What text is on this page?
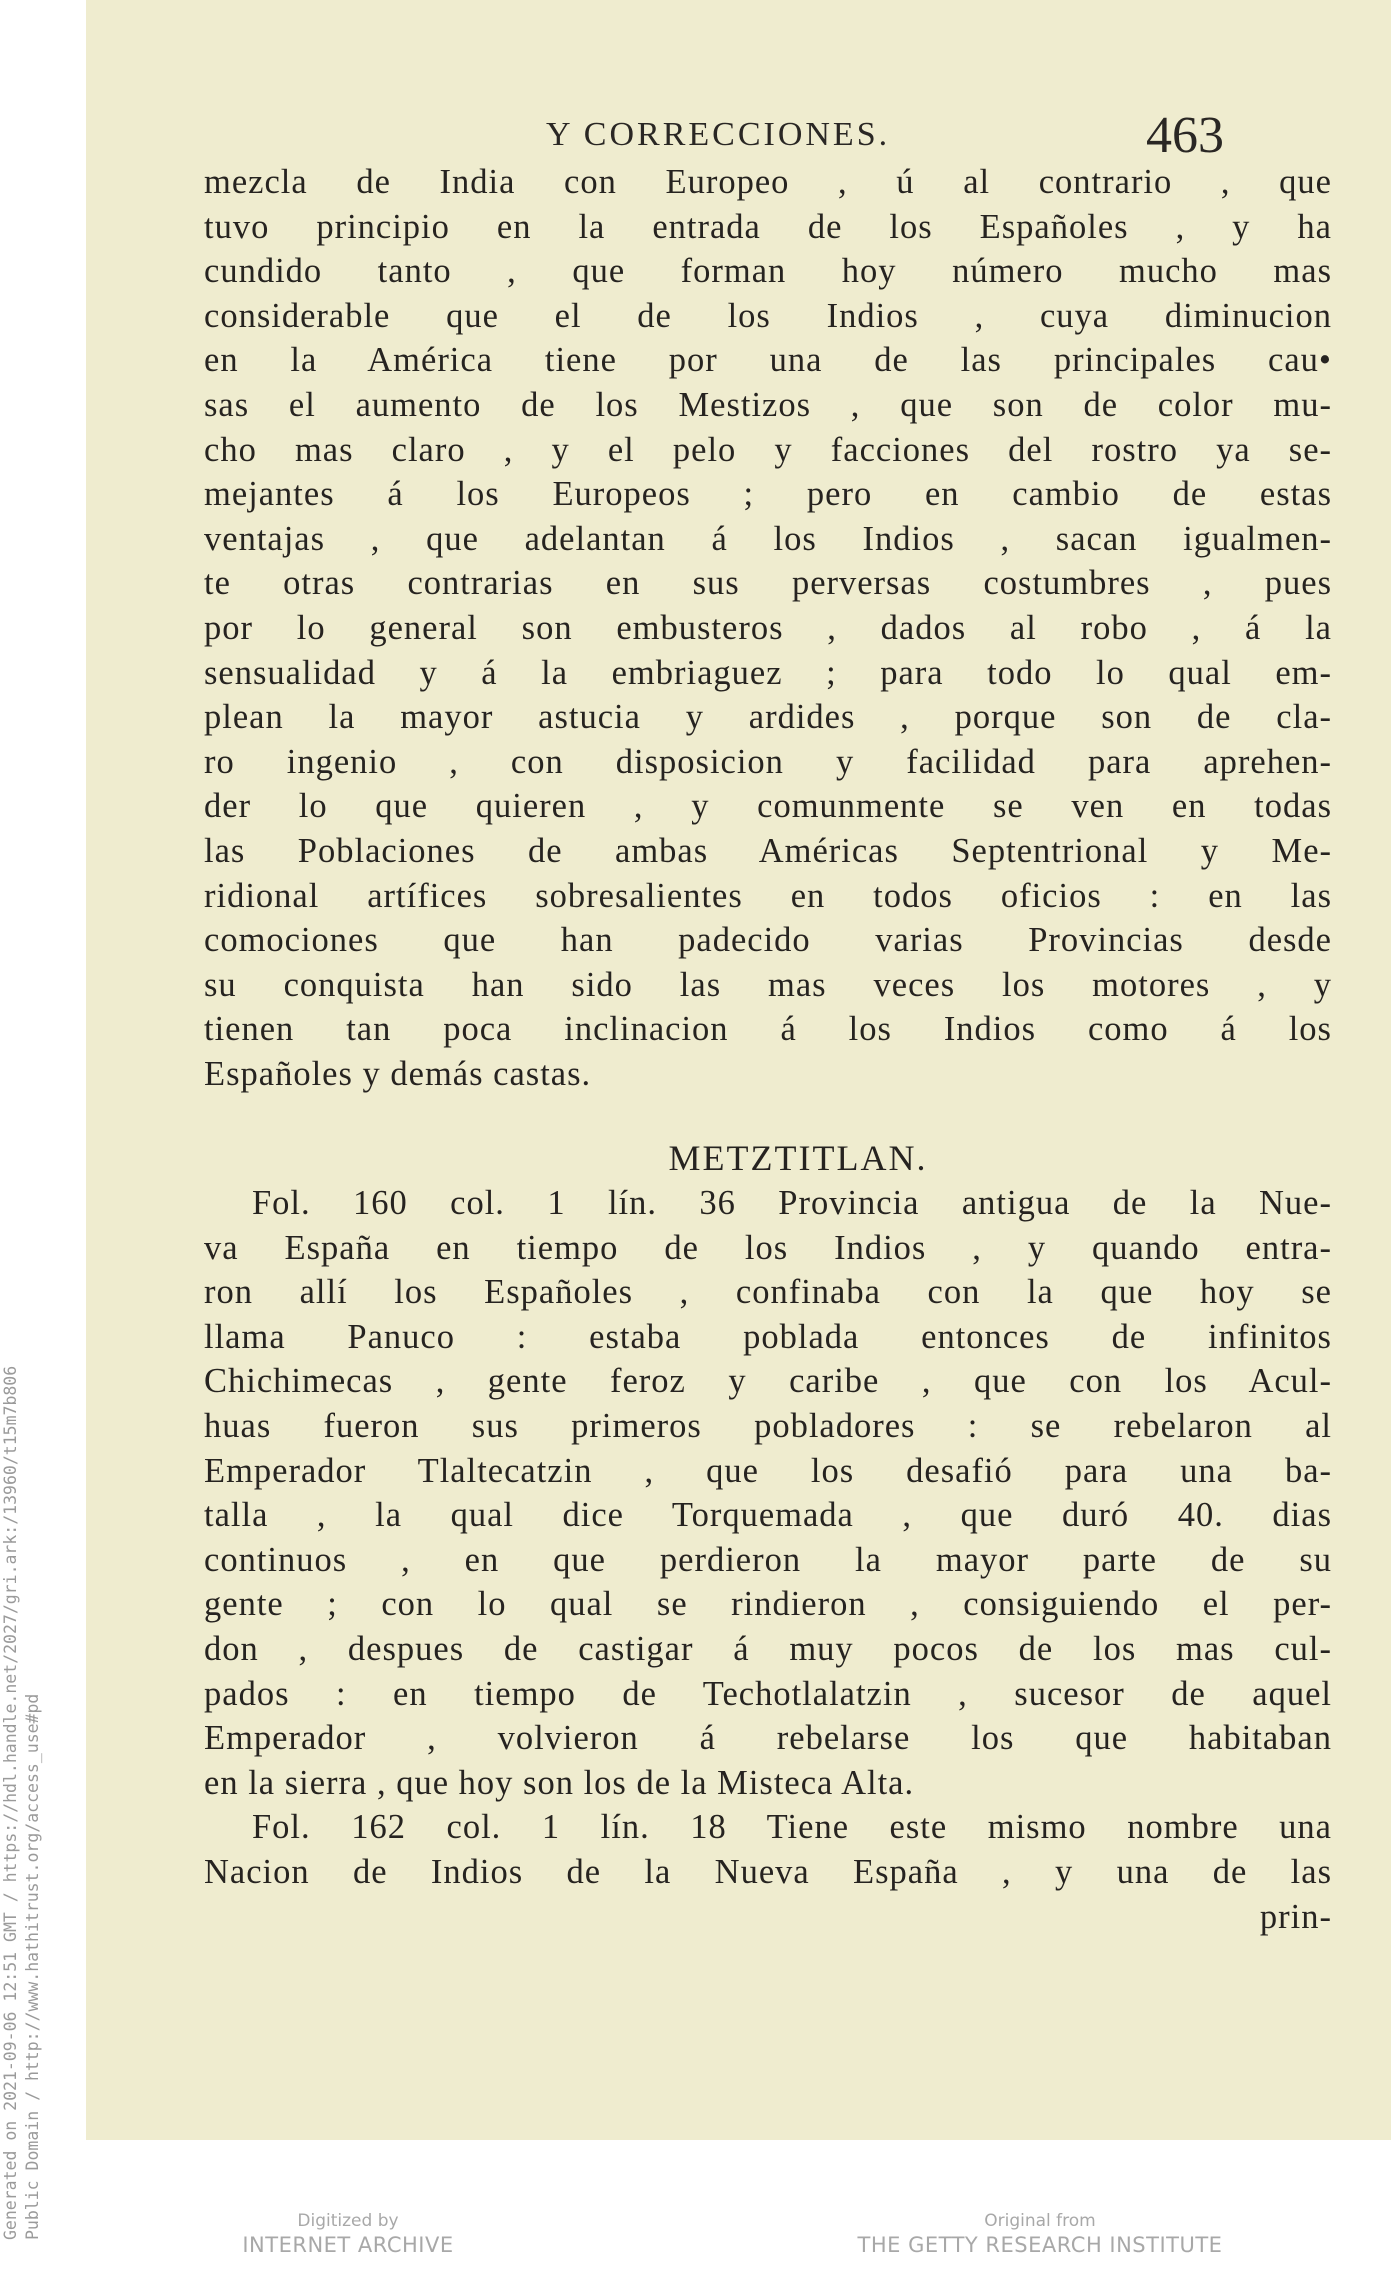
Generated on 2021-09-06 12:51 GMT / https://hdl.handle.net/2027/gri.ark:/13960/t15m7b806 Public Domain / http://www.hathitrust.org/access_use#pd
Y CORRECCIONES.	463
mezcla de India con Europeo , ú al contrario , que
tuvo principio en la entrada de los Españoles , y ha
cundido tanto , que forman hoy número mucho mas
considerable que el de los Indios , cuya diminucion
en la América tiene por una de las principales cau•
sas el aumento de los Mestizos , que son de color mu-
cho mas claro , y el pelo y facciones del rostro ya se-
mejantes á los Europeos ; pero en cambio de estas
ventajas , que adelantan á los Indios , sacan igualmen-
te otras contrarias en sus perversas costumbres , pues
por lo general son embusteros , dados al robo , á la
sensualidad y á la embriaguez ; para todo lo qual em-
plean la mayor astucia y ardides , porque son de cla-
ro ingenio , con disposicion y facilidad para aprehen-
der lo que quieren , y comunmente se ven en todas
las Poblaciones de ambas Américas Septentrional y Me-
ridional artífices sobresalientes en todos oficios : en las
comociones que han padecido varias Provincias desde
su conquista han sido las mas veces los motores , y
tienen tan poca inclinacion á los Indios como á los
Españoles y demás castas.
METZTITLAN.
Fol. 160 col. 1 lín. 36 Provincia antigua de la Nue-
va España en tiempo de los Indios , y quando entra-
ron allí los Españoles , confinaba con la que hoy se
llama Panuco : estaba poblada entonces de infinitos
Chichimecas , gente feroz y caribe , que con los Acul-
huas fueron sus primeros pobladores : se rebelaron al
Emperador Tlaltecatzin , que los desafió para una ba-
talla , la qual dice Torquemada , que duró 40. dias
continuos , en que perdieron la mayor parte de su
gente ; con lo qual se rindieron , consiguiendo el per-
don , despues de castigar á muy pocos de los mas cul-
pados : en tiempo de Techotlalatzin , sucesor de aquel
Emperador , volvieron á rebelarse los que habitaban
en la sierra , que hoy son los de la Misteca Alta.
Fol. 162 col. 1 lín. 18 Tiene este mismo nombre una
Nacion de Indios de la Nueva España , y una de las
prin-
Digitized by
INTERNET ARCHIVE
Original from
THE GETTY RESEARCH INSTITUTE
